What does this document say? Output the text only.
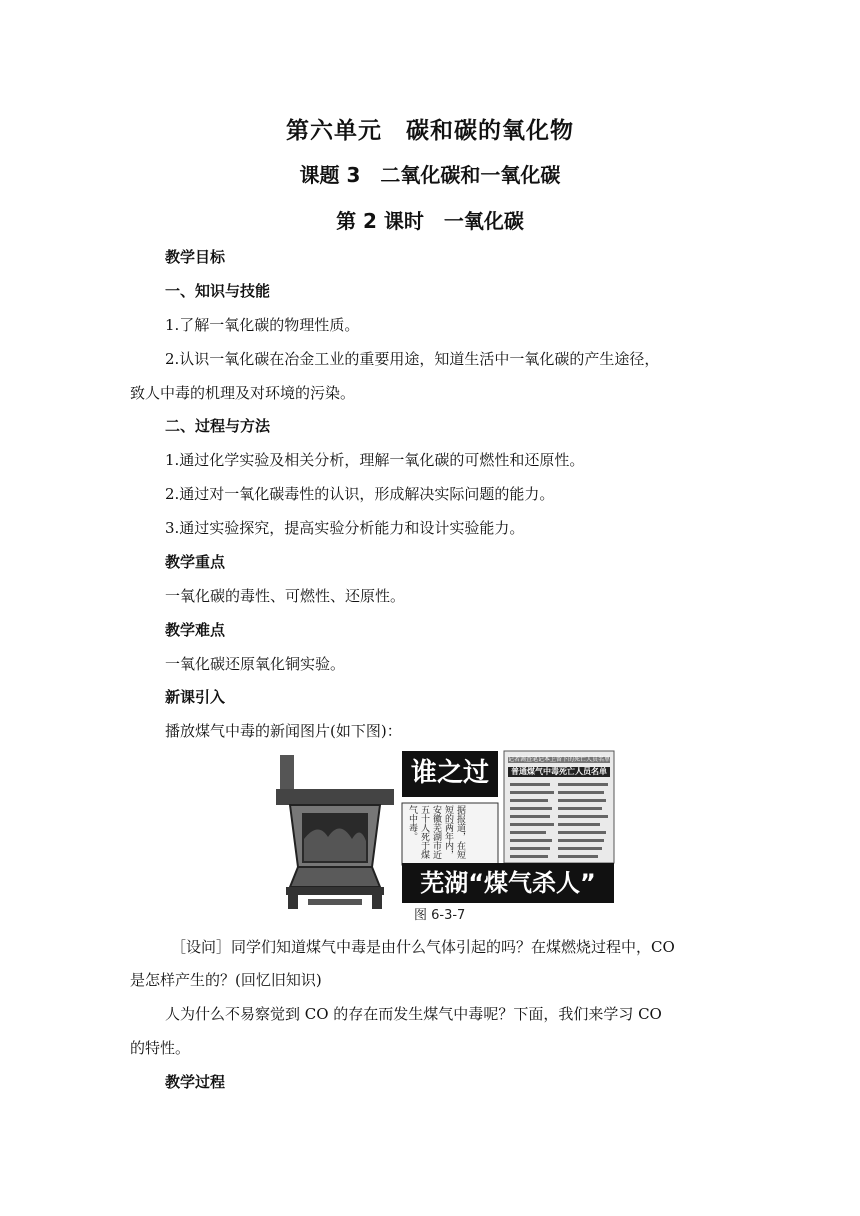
第六单元　碳和碳的氧化物
课题 3　二氧化碳和一氧化碳
第 2 课时　一氧化碳
教学目标
一、知识与技能
1.了解一氧化碳的物理性质。
2.认识一氧化碳在冶金工业的重要用途，知道生活中一氧化碳的产生途径，
致人中毒的机理及对环境的污染。
二、过程与方法
1.通过化学实验及相关分析，理解一氧化碳的可燃性和还原性。
2.通过对一氧化碳毒性的认识，形成解决实际问题的能力。
3.通过实验探究，提高实验分析能力和设计实验能力。
教学重点
一氧化碳的毒性、可燃性、还原性。
教学难点
一氧化碳还原氧化铜实验。
新课引入
播放煤气中毒的新闻图片(如下图)：
谁之过
据报道，在短短的两年内，安徽芜湖市近五十人死于煤气中毒。
记者调查笔记本上留下的死亡人员名单
普通煤气中毒死亡人员名单
芜湖“煤气杀人”
图 6-3-7
［设问］同学们知道煤气中毒是由什么气体引起的吗？在煤燃烧过程中，CO
是怎样产生的？(回忆旧知识)
人为什么不易察觉到 CO 的存在而发生煤气中毒呢？下面，我们来学习 CO
的特性。
教学过程
